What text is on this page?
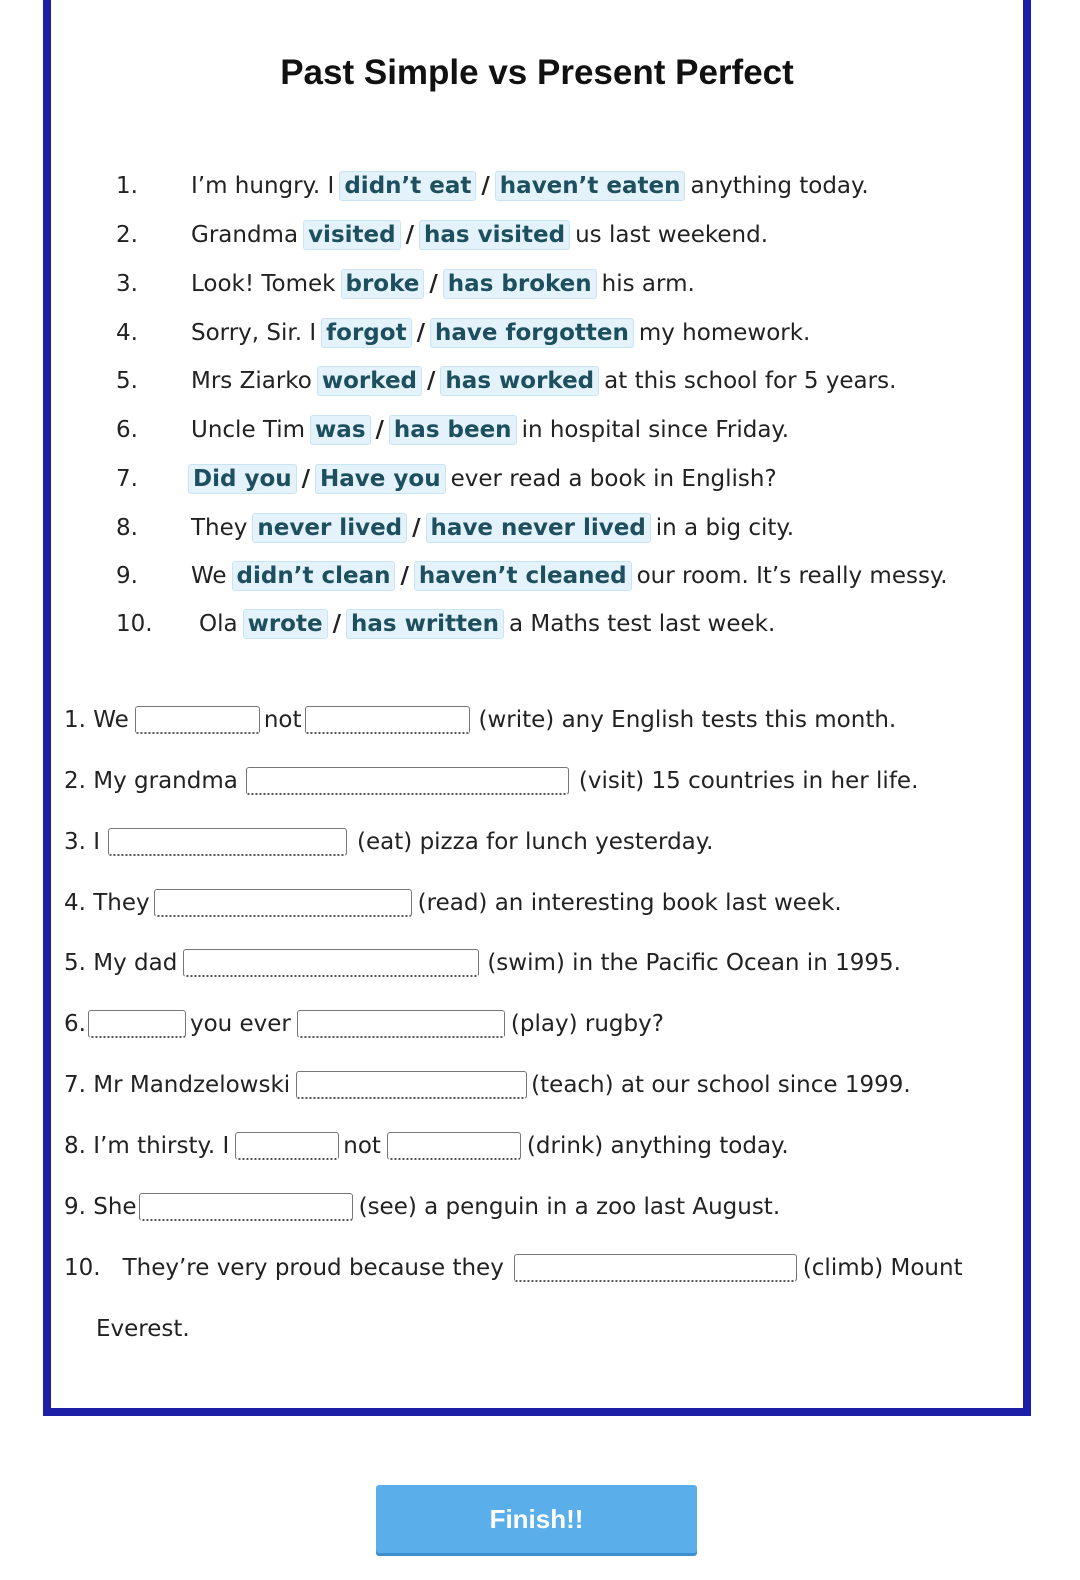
Past Simple vs Present Perfect
1.	I’m hungry. I didn’t eat / haven’t eaten anything today.
2.	Grandma visited / has visited us last weekend.
3.	Look! Tomek broke / has broken his arm.
4.	Sorry, Sir. I forgot / have forgotten my homework.
5.	Mrs Ziarko worked / has worked at this school for 5 years.
6.	Uncle Tim was / has been in hospital since Friday.
7.	Did you / Have you ever read a book in English?
8.	They never lived / have never lived in a big city.
9.	We didn’t clean / haven’t cleaned our room. It’s really messy.
10.	Ola wrote / has written a Maths test last week.
1. We	not	(write) any English tests this month.
2. My grandma	(visit) 15 countries in her life.
3. I	(eat) pizza for lunch yesterday.
4. They	(read) an interesting book last week.
5. My dad	(swim) in the Pacific Ocean in 1995.
6.	you ever	(play) rugby?
7. Mr Mandzelowski	(teach) at our school since 1999.
8. I’m thirsty. I	not	(drink) anything today.
9. She	(see) a penguin in a zoo last August.
10. They’re very proud because they	(climb) Mount
Everest.
Finish!!
